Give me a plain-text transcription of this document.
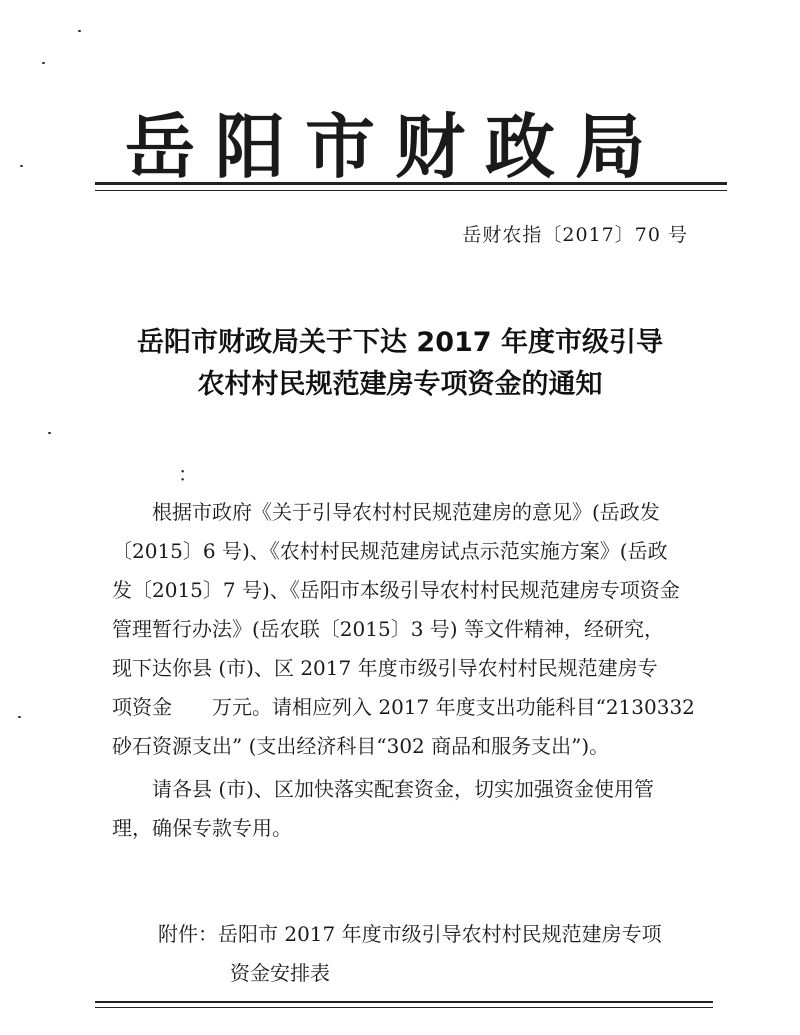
岳阳市财政局
岳财农指〔2017〕70 号
岳阳市财政局关于下达 2017 年度市级引导
农村村民规范建房专项资金的通知
：

根据市政府《关于引导农村村民规范建房的意见》(岳政发
〔2015〕6 号)、《农村村民规范建房试点示范实施方案》(岳政
发〔2015〕7 号)、《岳阳市本级引导农村村民规范建房专项资金
管理暂行办法》(岳农联〔2015〕3 号) 等文件精神，经研究，
现下达你县 (市)、区 2017 年度市级引导农村村民规范建房专
项资金　　万元。请相应列入 2017 年度支出功能科目“2130332
砂石资源支出” (支出经济科目“302 商品和服务支出”)。

请各县 (市)、区加快落实配套资金，切实加强资金使用管
理，确保专款专用。

附件：岳阳市 2017 年度市级引导农村村民规范建房专项
资金安排表
